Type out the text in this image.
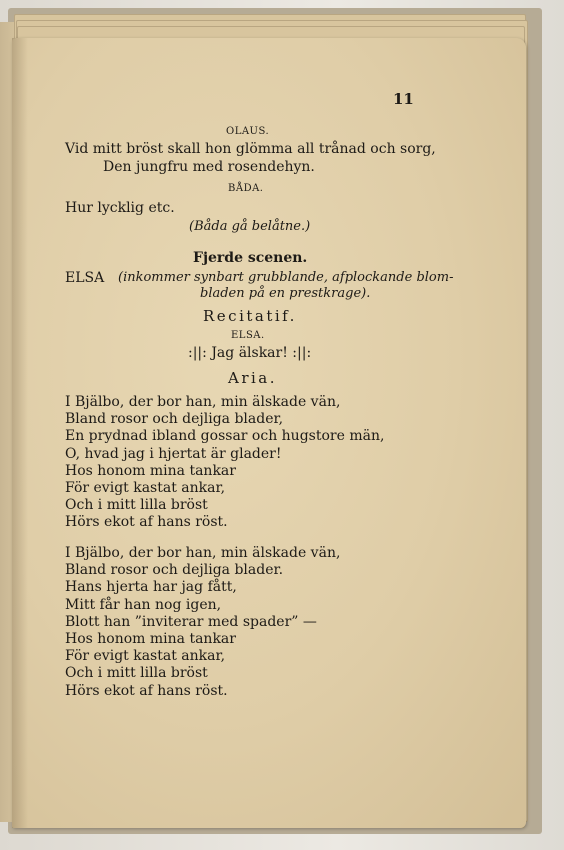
11
OLAUS.
Vid mitt bröst skall hon glömma all trånad och sorg,
Den jungfru med rosendehyn.
BÅDA.
Hur lycklig etc.
(Båda gå belåtne.)
Fjerde scenen.
ELSA (inkommer synbart grubblande, afplockande blom-
bladen på en prestkrage).
Recitatif.
ELSA.
:||: Jag älskar! :||:
Aria.
I Bjälbo, der bor han, min älskade vän,
Bland rosor och dejliga blader,
En prydnad ibland gossar och hugstore män,
O, hvad jag i hjertat är glader!
Hos honom mina tankar
För evigt kastat ankar,
Och i mitt lilla bröst
Hörs ekot af hans röst.
I Bjälbo, der bor han, min älskade vän,
Bland rosor och dejliga blader.
Hans hjerta har jag fått,
Mitt får han nog igen,
Blott han ”inviterar med spader” —
Hos honom mina tankar
För evigt kastat ankar,
Och i mitt lilla bröst
Hörs ekot af hans röst.
